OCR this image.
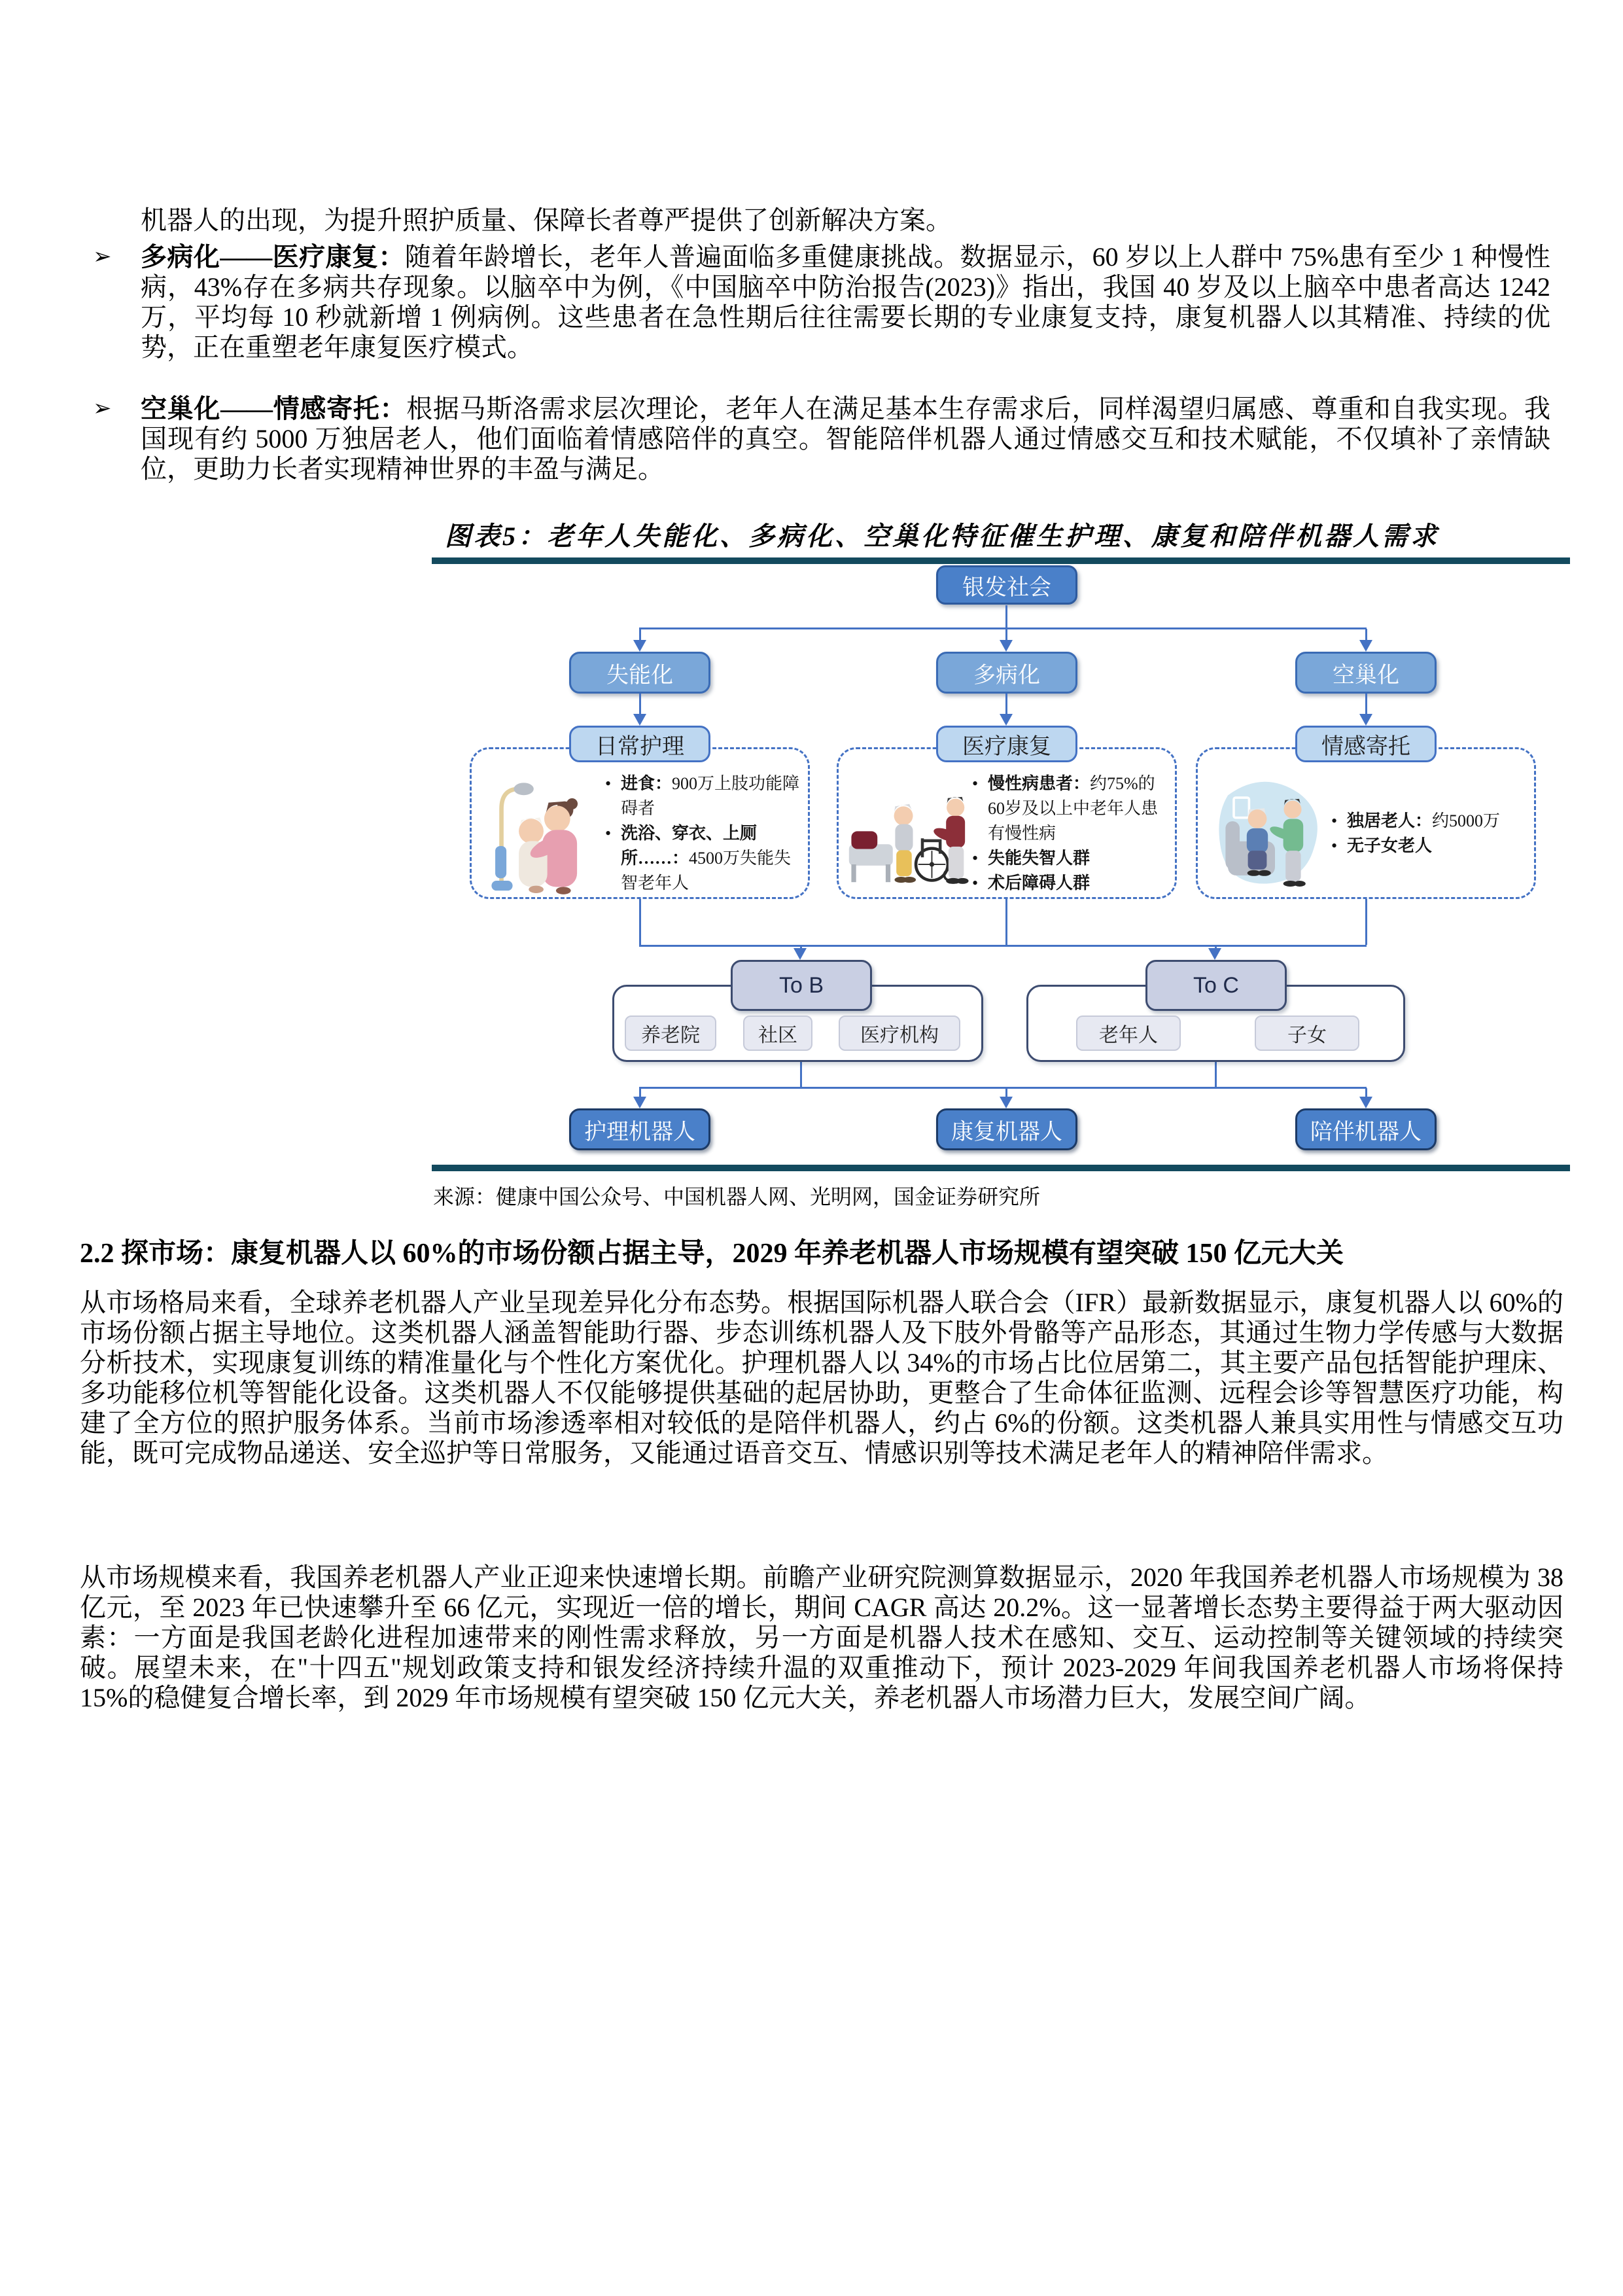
机器人的出现，为提升照护质量、保障长者尊严提供了创新解决方案。
➢	多病化——医疗康复：随着年龄增长，老年人普遍面临多重健康挑战。数据显示，60 岁以上人群中 75%患有至少 1 种慢性病，43%存在多病共存现象。以脑卒中为例，《中国脑卒中防治报告(2023)》指出，我国 40 岁及以上脑卒中患者高达 1242 万，平均每 10 秒就新增 1 例病例。这些患者在急性期后往往需要长期的专业康复支持，康复机器人以其精准、持续的优势，正在重塑老年康复医疗模式。
➢	空巢化——情感寄托：根据马斯洛需求层次理论，老年人在满足基本生存需求后，同样渴望归属感、尊重和自我实现。我国现有约 5000 万独居老人，他们面临着情感陪伴的真空。智能陪伴机器人通过情感交互和技术赋能，不仅填补了亲情缺位，更助力长者实现精神世界的丰盈与满足。
图表5：老年人失能化、多病化、空巢化特征催生护理、康复和陪伴机器人需求
来源：健康中国公众号、中国机器人网、光明网，国金证券研究所
银发社会
失能化	多病化	空巢化
日常护理	医疗康复	情感寄托
• 进食：900万上肢功能障碍者
• 洗浴、穿衣、上厕所……：4500万失能失智老年人
• 慢性病患者：约75%的60岁及以上中老年人患有慢性病
• 失能失智人群
• 术后障碍人群
• 独居老人：约5000万
• 无子女老人
To B	To C
养老院	社区	医疗机构	老年人	子女
护理机器人	康复机器人	陪伴机器人
2.2 探市场：康复机器人以 60%的市场份额占据主导，2029 年养老机器人市场规模有望突破 150 亿元大关
从市场格局来看，全球养老机器人产业呈现差异化分布态势。根据国际机器人联合会（IFR）最新数据显示，康复机器人以 60%的市场份额占据主导地位。这类机器人涵盖智能助行器、步态训练机器人及下肢外骨骼等产品形态，其通过生物力学传感与大数据分析技术，实现康复训练的精准量化与个性化方案优化。护理机器人以 34%的市场占比位居第二，其主要产品包括智能护理床、多功能移位机等智能化设备。这类机器人不仅能够提供基础的起居协助，更整合了生命体征监测、远程会诊等智慧医疗功能，构建了全方位的照护服务体系。当前市场渗透率相对较低的是陪伴机器人，约占 6%的份额。这类机器人兼具实用性与情感交互功能，既可完成物品递送、安全巡护等日常服务，又能通过语音交互、情感识别等技术满足老年人的精神陪伴需求。
从市场规模来看，我国养老机器人产业正迎来快速增长期。前瞻产业研究院测算数据显示，2020 年我国养老机器人市场规模为 38 亿元，至 2023 年已快速攀升至 66 亿元，实现近一倍的增长，期间 CAGR 高达 20.2%。这一显著增长态势主要得益于两大驱动因素：一方面是我国老龄化进程加速带来的刚性需求释放，另一方面是机器人技术在感知、交互、运动控制等关键领域的持续突破。展望未来，在"十四五"规划政策支持和银发经济持续升温的双重推动下，预计 2023-2029 年间我国养老机器人市场将保持 15%的稳健复合增长率，到 2029 年市场规模有望突破 150 亿元大关，养老机器人市场潜力巨大，发展空间广阔。
